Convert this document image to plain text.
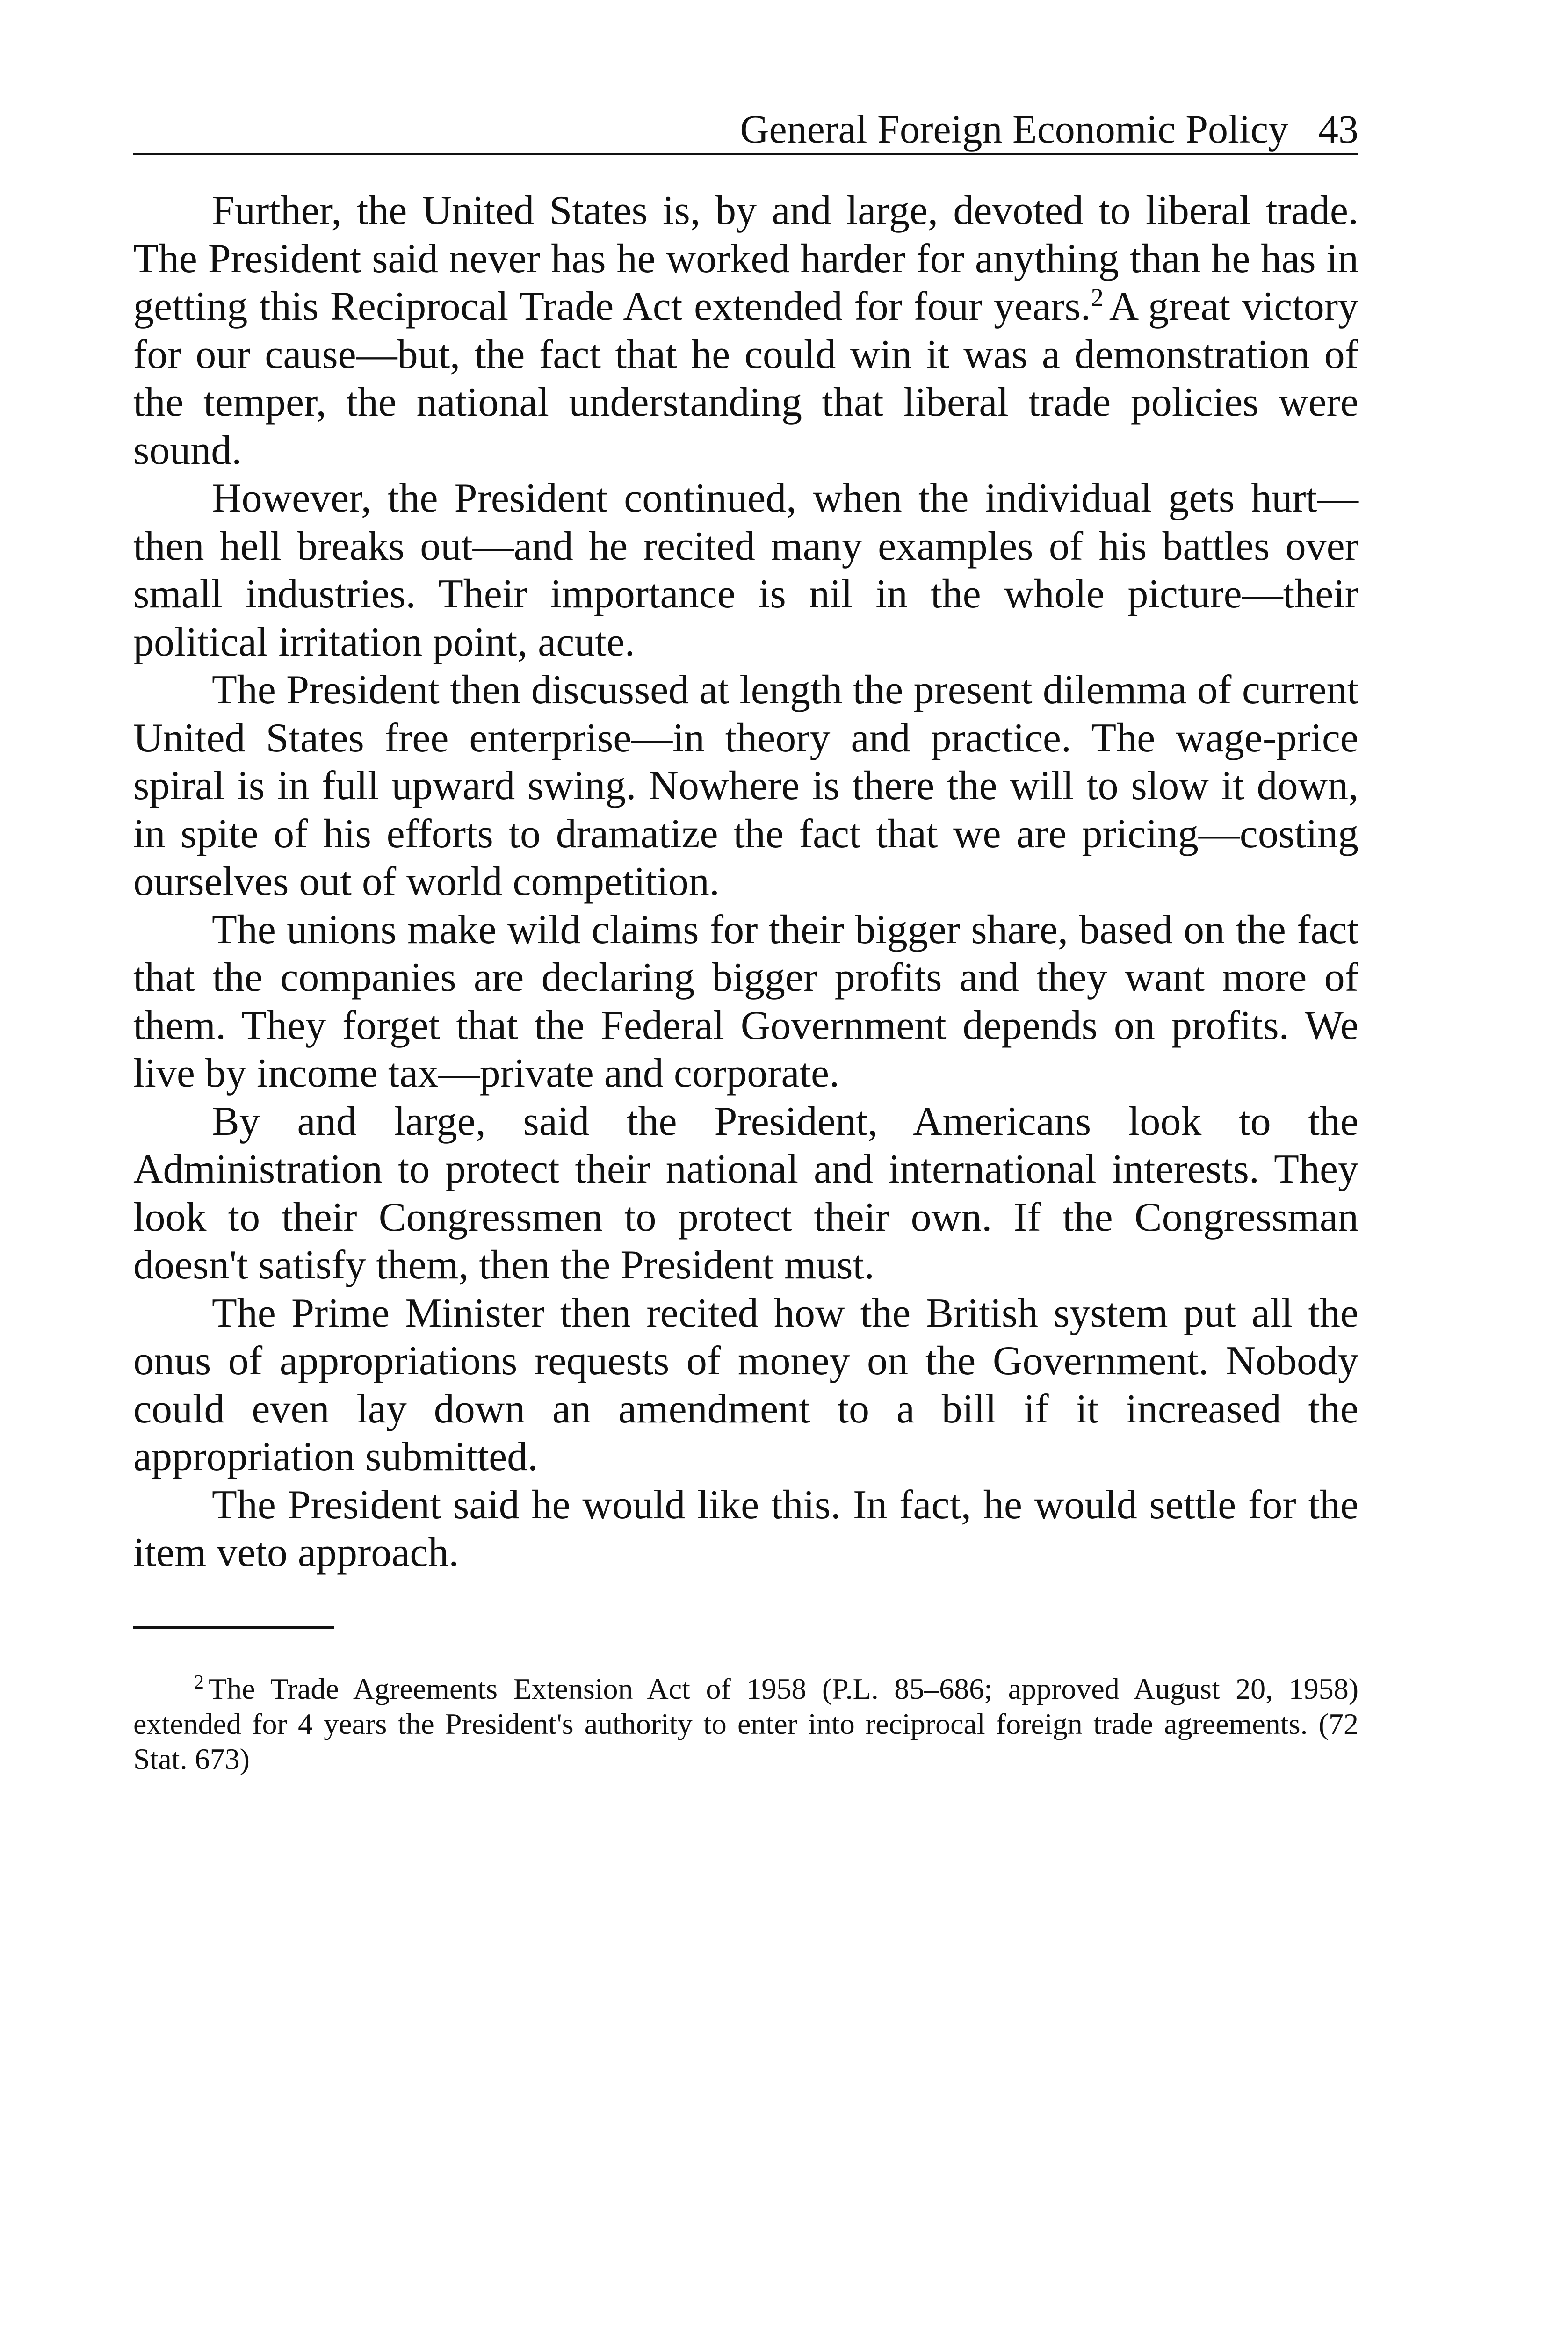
General Foreign Economic Policy 43

Further, the United States is, by and large, devoted to liberal trade. The President said never has he worked harder for anything than he has in getting this Reciprocal Trade Act extended for four years.$^2$ A great victory for our cause—but, the fact that he could win it was a demonstration of the temper, the national understanding that liberal trade policies were sound.

However, the President continued, when the individual gets hurt—then hell breaks out—and he recited many examples of his battles over small industries. Their importance is nil in the whole picture—their political irritation point, acute.

The President then discussed at length the present dilemma of current United States free enterprise—in theory and practice. The wage-price spiral is in full upward swing. Nowhere is there the will to slow it down, in spite of his efforts to dramatize the fact that we are pricing—costing ourselves out of world competition.

The unions make wild claims for their bigger share, based on the fact that the companies are declaring bigger profits and they want more of them. They forget that the Federal Government depends on profits. We live by income tax—private and corporate.

By and large, said the President, Americans look to the Administration to protect their national and international interests. They look to their Congressmen to protect their own. If the Congressman doesn't satisfy them, then the President must.

The Prime Minister then recited how the British system put all the onus of appropriations requests of money on the Government. Nobody could even lay down an amendment to a bill if it increased the appropriation submitted.

The President said he would like this. In fact, he would settle for the item veto approach.

$^2$ The Trade Agreements Extension Act of 1958 (P.L. 85–686; approved August 20, 1958) extended for 4 years the President's authority to enter into reciprocal foreign trade agreements. (72 Stat. 673)
